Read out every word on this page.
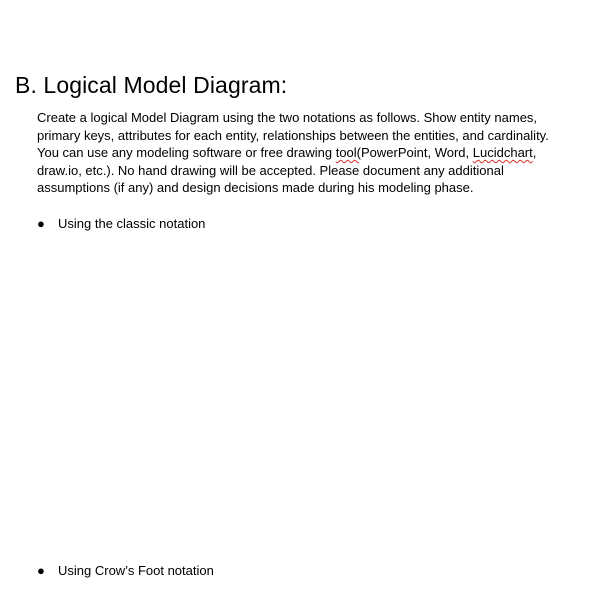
B. Logical Model Diagram:
Create a logical Model Diagram using the two notations as follows. Show entity names,
primary keys, attributes for each entity, relationships between the entities, and cardinality.
You can use any modeling software or free drawing tool(PowerPoint, Word, Lucidchart,
draw.io, etc.). No hand drawing will be accepted. Please document any additional
assumptions (if any) and design decisions made during his modeling phase.
● Using the classic notation
● Using Crow’s Foot notation
